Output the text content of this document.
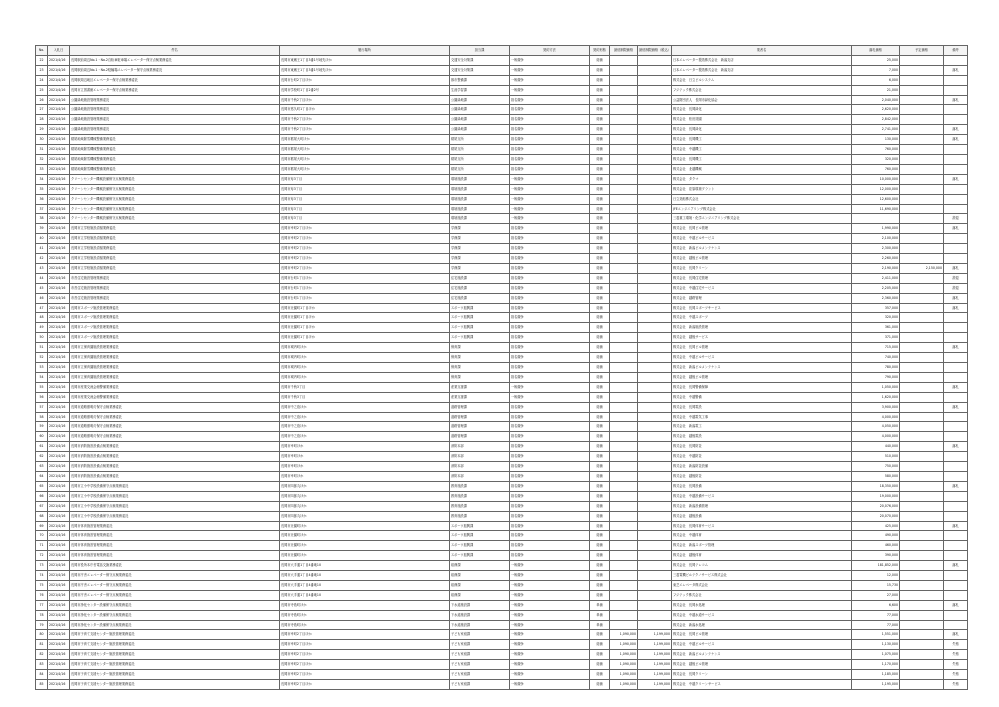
No.	入札日	件名	履行場所	担当課	契約方法	契約形態	最低制限価格	最低制限価格（税込）	業者名	落札価格	予定価格	備考
22	2021/4/16	長岡駅前周辺No.1・No.2自転車駐車場エレベーター保守点検業務委託	長岡市東蔵王1丁目3番1号地先ほか	交通安全対策課	一般競争	総価			日本エレベーター製造株式会社　新潟支店	25,000		
23	2021/4/16	長岡駅前周辺No.1・No.2駐輪場エレベーター保守点検業務委託	長岡市東蔵王1丁目3番1号地先ほか	交通安全対策課	一般競争	総価			日本エレベーター製造株式会社　新潟支店	7,000		落札
24	2021/4/16	長岡駅周辺地区エレベーター保守点検業務委託	長岡市台町2丁目ほか	都市整備課	一般競争	総価			株式会社　日立ビルシステム	6,000		
25	2021/4/16	長岡市立図書館エレベーター保守点検業務委託	長岡市学校町1丁目2番2号	生涯学習課	一般競争	総価			フジテック株式会社	21,000		
26	2021/4/16	公園緑地施設管理業務委託	長岡市千秋2丁目ほか	公園緑地課	指名競争	総価			公益財団法人　長岡市緑化協会	2,040,000		落札
27	2021/4/16	公園緑地施設管理業務委託	長岡市悠久町1丁目ほか	公園緑地課	指名競争	総価			株式会社　長岡緑化	2,620,000		
28	2021/4/16	公園緑地施設管理業務委託	長岡市千秋2丁目ほか	公園緑地課	指名競争	総価			株式会社　松田造園	2,842,000		
29	2021/4/16	公園緑地施設管理業務委託	長岡市千秋2丁目ほか	公園緑地課	指名競争	総価			株式会社　長岡緑化	2,741,000		落札
30	2021/4/16	栃尾地域除雪機械整備業務委託	長岡市栃尾大町ほか	栃尾支所	指名競争	総価			株式会社　長岡機工	130,000		落札
31	2021/4/16	栃尾地域除雪機械整備業務委託	長岡市栃尾大町ほか	栃尾支所	指名競争	総価			株式会社　中越機工	760,000		
32	2021/4/16	栃尾地域除雪機械整備業務委託	長岡市栃尾大町ほか	栃尾支所	指名競争	総価			株式会社　長岡機工	320,000		
33	2021/4/16	栃尾地域除雪機械整備業務委託	長岡市栃尾大町ほか	栃尾支所	指名競争	総価			株式会社　北越機械	760,000		
34	2021/4/16	クリーンセンター機械設備保守点検業務委託	長岡市寿3丁目	環境施設課	一般競争	総価			株式会社　タクマ	10,000,000		落札
35	2021/4/16	クリーンセンター機械設備保守点検業務委託	長岡市寿3丁目	環境施設課	一般競争	総価			株式会社　荏原環境プラント	12,000,000		
36	2021/4/16	クリーンセンター機械設備保守点検業務委託	長岡市寿3丁目	環境施設課	一般競争	総価			日立造船株式会社	12,600,000		
37	2021/4/16	クリーンセンター機械設備保守点検業務委託	長岡市寿3丁目	環境施設課	一般競争	総価			JFEエンジニアリング株式会社	11,690,000		
38	2021/4/16	クリーンセンター機械設備保守点検業務委託	長岡市寿3丁目	環境施設課	一般競争	総価			三菱重工環境・化学エンジニアリング株式会社			辞退
39	2021/4/16	長岡市立学校施設清掃業務委託	長岡市幸町2丁目ほか	学務課	指名競争	総価			株式会社　長岡ビル管理	1,990,000		落札
40	2021/4/16	長岡市立学校施設清掃業務委託	長岡市幸町2丁目ほか	学務課	指名競争	総価			株式会社　中越ビルサービス	2,100,000		
41	2021/4/16	長岡市立学校施設清掃業務委託	長岡市幸町2丁目ほか	学務課	指名競争	総価			株式会社　新潟ビルメンテナンス	2,300,000		
42	2021/4/16	長岡市立学校施設清掃業務委託	長岡市幸町2丁目ほか	学務課	指名競争	総価			株式会社　越後ビル管理	2,260,000		
43	2021/4/16	長岡市立学校施設清掃業務委託	長岡市幸町2丁目ほか	学務課	指名競争	総価			株式会社　長岡クリーン	2,190,000	2,150,000	落札
44	2021/4/16	市営住宅施設管理業務委託	長岡市台町1丁目ほか	住宅施設課	指名競争	総価			株式会社　長岡住宅管理	2,411,000		辞退
45	2021/4/16	市営住宅施設管理業務委託	長岡市台町1丁目ほか	住宅施設課	指名競争	総価			株式会社　中越住宅サービス	2,205,000		辞退
46	2021/4/16	市営住宅施設管理業務委託	長岡市台町1丁目ほか	住宅施設課	指名競争	総価			株式会社　越路管理	2,360,000		落札
47	2021/4/16	長岡市スポーツ施設管理業務委託	長岡市北園町1丁目ほか	スポーツ振興課	指名競争	総価			株式会社　長岡スポーツサービス	357,000		落札
48	2021/4/16	長岡市スポーツ施設管理業務委託	長岡市北園町1丁目ほか	スポーツ振興課	指名競争	総価			株式会社　中越スポーツ	320,000		
49	2021/4/16	長岡市スポーツ施設管理業務委託	長岡市北園町1丁目ほか	スポーツ振興課	指名競争	総価			株式会社　新潟施設管理	361,000		
50	2021/4/16	長岡市スポーツ施設管理業務委託	長岡市北園町1丁目ほか	スポーツ振興課	指名競争	総価			株式会社　越後サービス	371,000		
51	2021/4/16	長岡市立保育園施設管理業務委託	長岡市城内町ほか	保育課	指名競争	総価			株式会社　長岡ビル管理	715,000		落札
52	2021/4/16	長岡市立保育園施設管理業務委託	長岡市城内町ほか	保育課	指名競争	総価			株式会社　中越ビルサービス	740,000		
53	2021/4/16	長岡市立保育園施設管理業務委託	長岡市城内町ほか	保育課	指名競争	総価			株式会社　新潟ビルメンテナンス	780,000		
54	2021/4/16	長岡市立保育園施設管理業務委託	長岡市城内町ほか	保育課	指名競争	総価			株式会社　越後ビル管理	790,000		
55	2021/4/16	長岡市産業交流会館警備業務委託	長岡市千秋3丁目	産業支援課	一般競争	総価			株式会社　長岡警備保障	1,050,000		落札
56	2021/4/16	長岡市産業交流会館警備業務委託	長岡市千秋3丁目	産業支援課	一般競争	総価			株式会社　中越警備	1,620,000		
57	2021/4/16	長岡市道路照明灯保守点検業務委託	長岡市中之島ほか	道路管理課	指名競争	総価			株式会社　長岡電設	3,900,000		落札
58	2021/4/16	長岡市道路照明灯保守点検業務委託	長岡市中之島ほか	道路管理課	指名競争	総価			株式会社　中越電気工事	4,000,000		
59	2021/4/16	長岡市道路照明灯保守点検業務委託	長岡市中之島ほか	道路管理課	指名競争	総価			株式会社　新潟電工	4,050,000		
60	2021/4/16	長岡市道路照明灯保守点検業務委託	長岡市中之島ほか	道路管理課	指名競争	総価			株式会社　越後電設	4,000,000		
61	2021/4/16	長岡市消防施設設備点検業務委託	長岡市幸町ほか	消防本部	指名競争	総価			株式会社　長岡防災	440,000		落札
62	2021/4/16	長岡市消防施設設備点検業務委託	長岡市幸町ほか	消防本部	指名競争	総価			株式会社　中越防災	510,000		
63	2021/4/16	長岡市消防施設設備点検業務委託	長岡市幸町ほか	消防本部	指名競争	総価			株式会社　新潟防災設備	750,000		
64	2021/4/16	長岡市消防施設設備点検業務委託	長岡市幸町ほか	消防本部	指名競争	総価			株式会社　越後防災	580,000		
65	2021/4/16	長岡市立小中学校設備保守点検業務委託	長岡市四郎丸ほか	教育施設課	指名競争	総価			株式会社　長岡設備	18,350,000		落札
66	2021/4/16	長岡市立小中学校設備保守点検業務委託	長岡市四郎丸ほか	教育施設課	指名競争	総価			株式会社　中越設備サービス	19,000,000		
67	2021/4/16	長岡市立小中学校設備保守点検業務委託	長岡市四郎丸ほか	教育施設課	指名競争	総価			株式会社　新潟設備管理	20,076,000		
68	2021/4/16	長岡市立小中学校設備保守点検業務委託	長岡市四郎丸ほか	教育施設課	指名競争	総価			株式会社　越後設備	20,070,000		
69	2021/4/16	長岡市体育施設管理業務委託	長岡市北園町ほか	スポーツ振興課	指名競争	総価			株式会社　長岡体育サービス	425,000		落札
70	2021/4/16	長岡市体育施設管理業務委託	長岡市北園町ほか	スポーツ振興課	指名競争	総価			株式会社　中越体育	490,000		
71	2021/4/16	長岡市体育施設管理業務委託	長岡市北園町ほか	スポーツ振興課	指名競争	総価			株式会社　新潟スポーツ管理	460,000		
72	2021/4/16	長岡市体育施設管理業務委託	長岡市北園町ほか	スポーツ振興課	指名競争	総価			株式会社　越後体育	390,000		
73	2021/4/16	長岡市役所本庁舎電話交換業務委託	長岡市大手通1丁目4番地10	総務課	一般競争	総価			株式会社　長岡テレコム	181,852,000		落札
74	2021/4/16	長岡市庁舎エレベーター保守点検業務委託	長岡市大手通1丁目4番地10	総務課	一般競争	総価			三菱電機ビルテクノサービス株式会社	12,000		
75	2021/4/16	長岡市庁舎エレベーター保守点検業務委託	長岡市大手通1丁目4番地10	総務課	一般競争	総価			東芝エレベータ株式会社	15,730		
76	2021/4/16	長岡市庁舎エレベーター保守点検業務委託	長岡市大手通1丁目4番地10	総務課	一般競争	総価			フジテック株式会社	27,000		
77	2021/4/16	長岡市浄化センター設備保守点検業務委託	長岡市寺島町ほか	下水道施設課	一般競争	単価			株式会社　長岡水処理	6,600		落札
78	2021/4/16	長岡市浄化センター設備保守点検業務委託	長岡市寺島町ほか	下水道施設課	一般競争	単価			株式会社　中越水道サービス	77,000		
79	2021/4/16	長岡市浄化センター設備保守点検業務委託	長岡市寺島町ほか	下水道施設課	一般競争	単価			株式会社　新潟水処理	77,000		
80	2021/4/16	長岡市子育て支援センター施設管理業務委託	長岡市幸町2丁目ほか	子ども家庭課	一般競争	総価	1,090,000	1,199,000	株式会社　長岡ビル管理	1,551,000		落札
81	2021/4/16	長岡市子育て支援センター施設管理業務委託	長岡市幸町2丁目ほか	子ども家庭課	一般競争	総価	1,090,000	1,199,000	株式会社　中越ビルサービス	1,130,000		失格
82	2021/4/16	長岡市子育て支援センター施設管理業務委託	長岡市幸町2丁目ほか	子ども家庭課	一般競争	総価	1,090,000	1,199,000	株式会社　新潟ビルメンテナンス	1,075,000		失格
83	2021/4/16	長岡市子育て支援センター施設管理業務委託	長岡市幸町2丁目ほか	子ども家庭課	一般競争	総価	1,090,000	1,199,000	株式会社　越後ビル管理	1,170,000		失格
84	2021/4/16	長岡市子育て支援センター施設管理業務委託	長岡市幸町2丁目ほか	子ども家庭課	一般競争	総価	1,090,000	1,199,000	株式会社　長岡クリーン	1,185,000		失格
85	2021/4/16	長岡市子育て支援センター施設管理業務委託	長岡市幸町2丁目ほか	子ども家庭課	一般競争	総価	1,090,000	1,199,000	株式会社　中越クリーンサービス	1,195,000		失格
